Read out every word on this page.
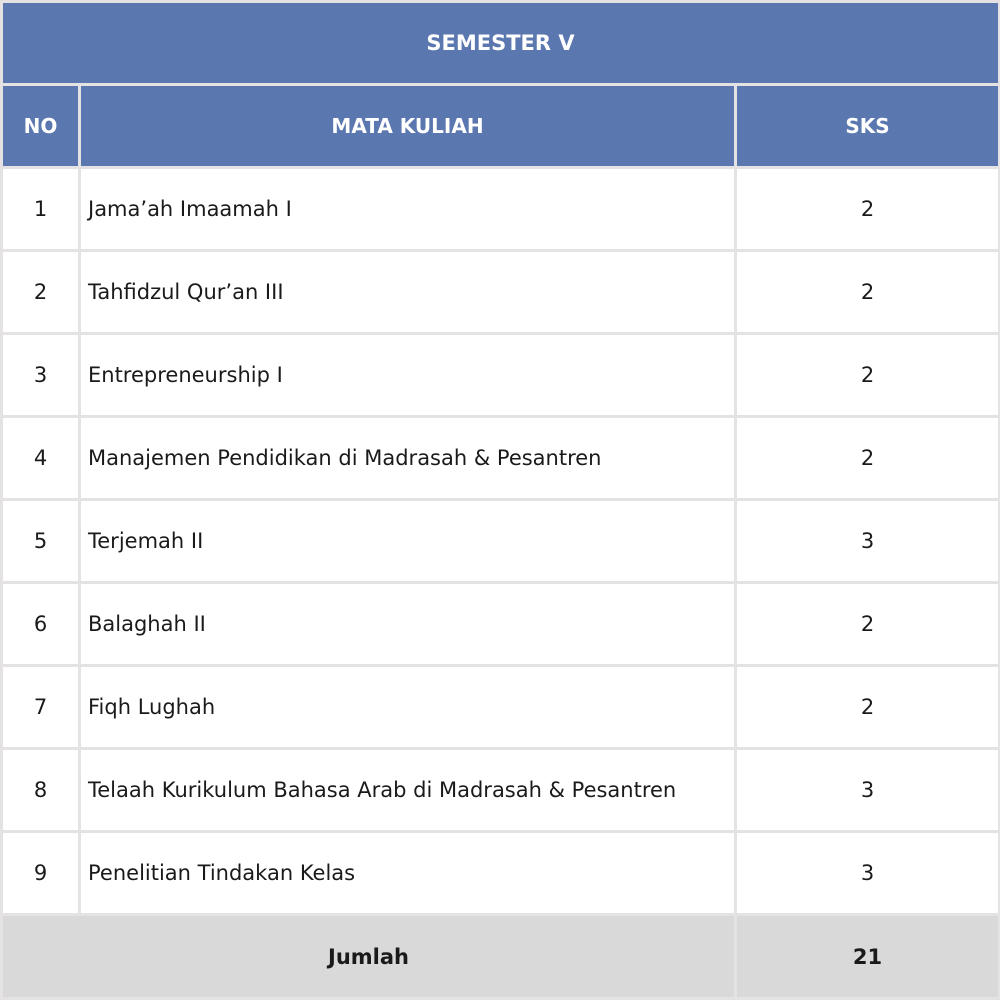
SEMESTER V		
NO	MATA KULIAH	SKS
1	Jama’ah Imaamah I	2
2	Tahfidzul Qur’an III	2
3	Entrepreneurship I	2
4	Manajemen Pendidikan di Madrasah & Pesantren	2
5	Terjemah II	3
6	Balaghah II	2
7	Fiqh Lughah	2
8	Telaah Kurikulum Bahasa Arab di Madrasah & Pesantren	3
9	Penelitian Tindakan Kelas	3
Jumlah		21
